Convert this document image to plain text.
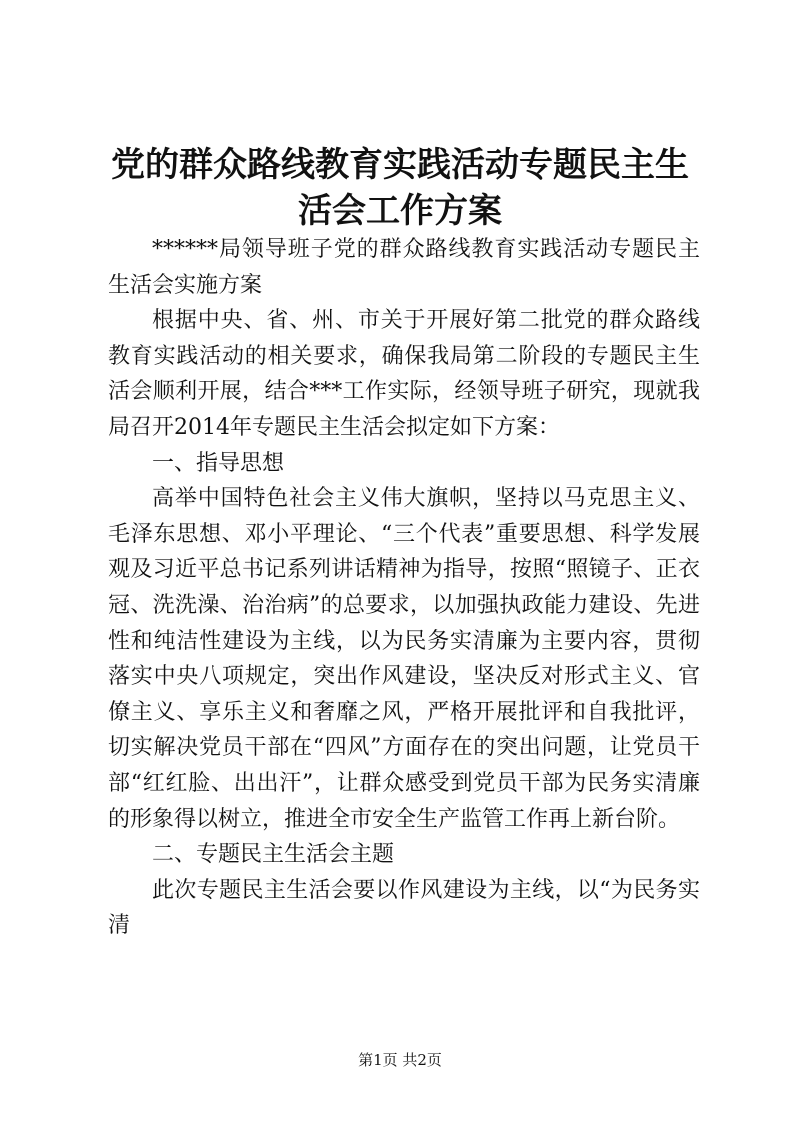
党的群众路线教育实践活动专题民主生活会工作方案

******局领导班子党的群众路线教育实践活动专题民主生活会实施方案

根据中央、省、州、市关于开展好第二批党的群众路线教育实践活动的相关要求，确保我局第二阶段的专题民主生活会顺利开展，结合***工作实际，经领导班子研究，现就我局召开2014年专题民主生活会拟定如下方案：

一、指导思想

高举中国特色社会主义伟大旗帜，坚持以马克思主义、毛泽东思想、邓小平理论、“三个代表”重要思想、科学发展观及习近平总书记系列讲话精神为指导，按照“照镜子、正衣冠、洗洗澡、治治病”的总要求，以加强执政能力建设、先进性和纯洁性建设为主线，以为民务实清廉为主要内容，贯彻落实中央八项规定，突出作风建设，坚决反对形式主义、官僚主义、享乐主义和奢靡之风，严格开展批评和自我批评，切实解决党员干部在“四风”方面存在的突出问题，让党员干部“红红脸、出出汗”，让群众感受到党员干部为民务实清廉的形象得以树立，推进全市安全生产监管工作再上新台阶。

二、专题民主生活会主题

此次专题民主生活会要以作风建设为主线，以“为民务实清

第1页 共2页
